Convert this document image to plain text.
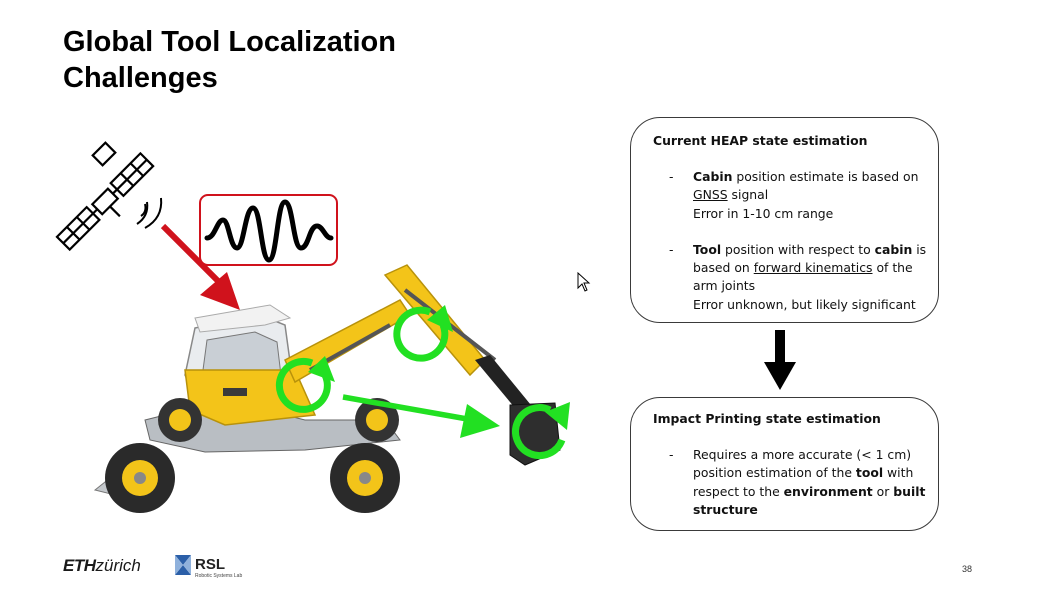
Global Tool Localization
Challenges
Current HEAP state estimation
- Cabin position estimate is based on
GNSS signal
Error in 1-10 cm range
- Tool position with respect to cabin is based on forward kinematics of the arm joints
Error unknown, but likely significant
Impact Printing state estimation
- Requires a more accurate (< 1 cm) position estimation of the tool with respect to the environment or built structure
ETHzürich	RSL
Robotic Systems Lab
38
